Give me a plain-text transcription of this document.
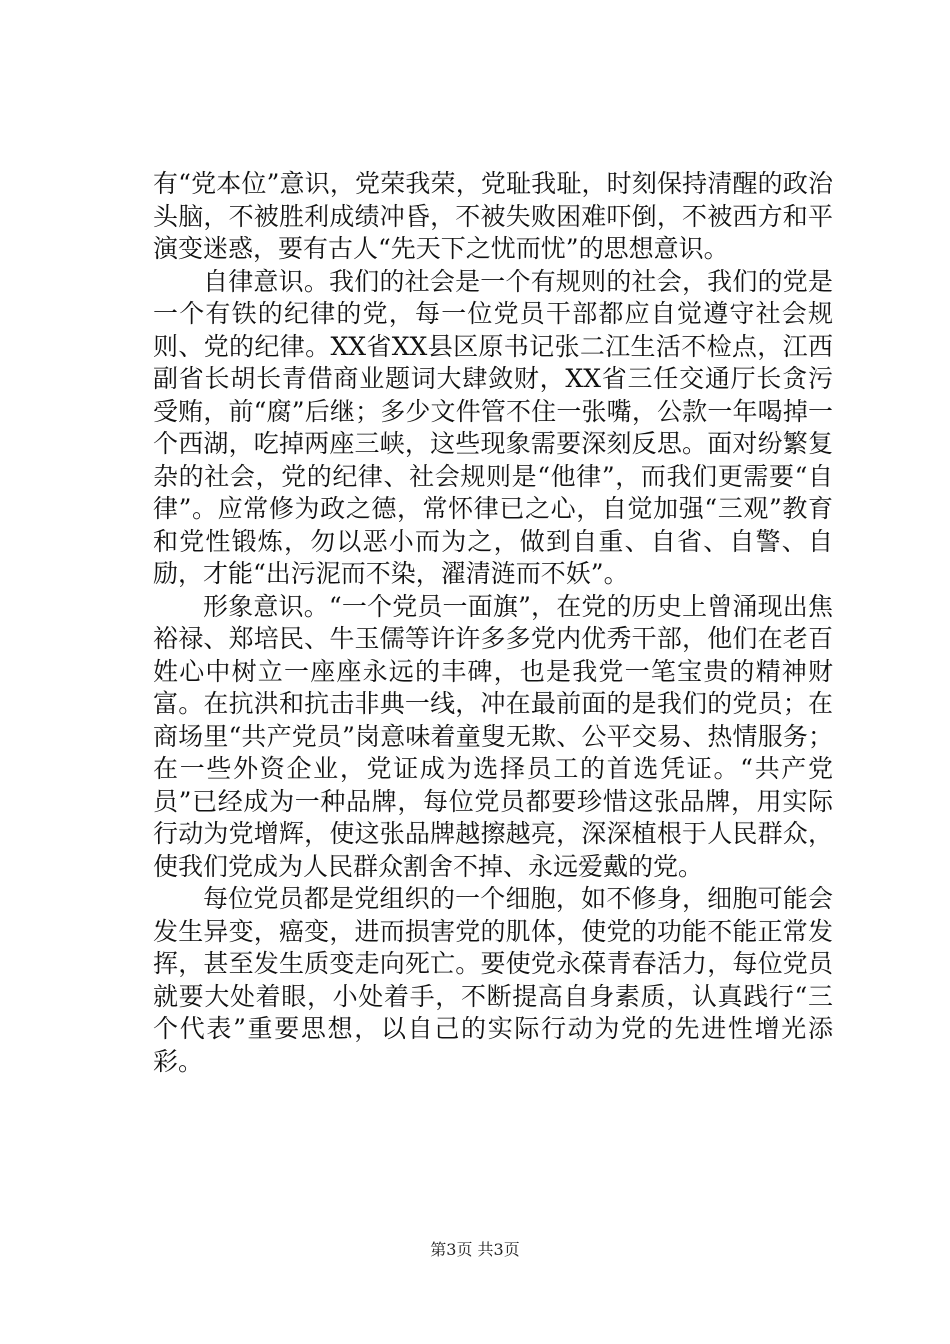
有“党本位”意识，党荣我荣，党耻我耻，时刻保持清醒的政治头脑，不被胜利成绩冲昏，不被失败困难吓倒，不被西方和平演变迷惑，要有古人“先天下之忧而忧”的思想意识。

自律意识。我们的社会是一个有规则的社会，我们的党是一个有铁的纪律的党，每一位党员干部都应自觉遵守社会规则、党的纪律。XX省XX县区原书记张二江生活不检点，江西副省长胡长青借商业题词大肆敛财，XX省三任交通厅长贪污受贿，前“腐”后继；多少文件管不住一张嘴，公款一年喝掉一个西湖，吃掉两座三峡，这些现象需要深刻反思。面对纷繁复杂的社会，党的纪律、社会规则是“他律”，而我们更需要“自律”。应常修为政之德，常怀律已之心，自觉加强“三观”教育和党性锻炼，勿以恶小而为之，做到自重、自省、自警、自励，才能“出污泥而不染，濯清涟而不妖”。

形象意识。“一个党员一面旗”，在党的历史上曾涌现出焦裕禄、郑培民、牛玉儒等许许多多党内优秀干部，他们在老百姓心中树立一座座永远的丰碑，也是我党一笔宝贵的精神财富。在抗洪和抗击非典一线，冲在最前面的是我们的党员；在商场里“共产党员”岗意味着童叟无欺、公平交易、热情服务；在一些外资企业，党证成为选择员工的首选凭证。“共产党员”已经成为一种品牌，每位党员都要珍惜这张品牌，用实际行动为党增辉，使这张品牌越擦越亮，深深植根于人民群众，使我们党成为人民群众割舍不掉、永远爱戴的党。

每位党员都是党组织的一个细胞，如不修身，细胞可能会发生异变，癌变，进而损害党的肌体，使党的功能不能正常发挥，甚至发生质变走向死亡。要使党永葆青春活力，每位党员就要大处着眼，小处着手，不断提高自身素质，认真践行“三个代表”重要思想，以自己的实际行动为党的先进性增光添彩。

第3页 共3页
